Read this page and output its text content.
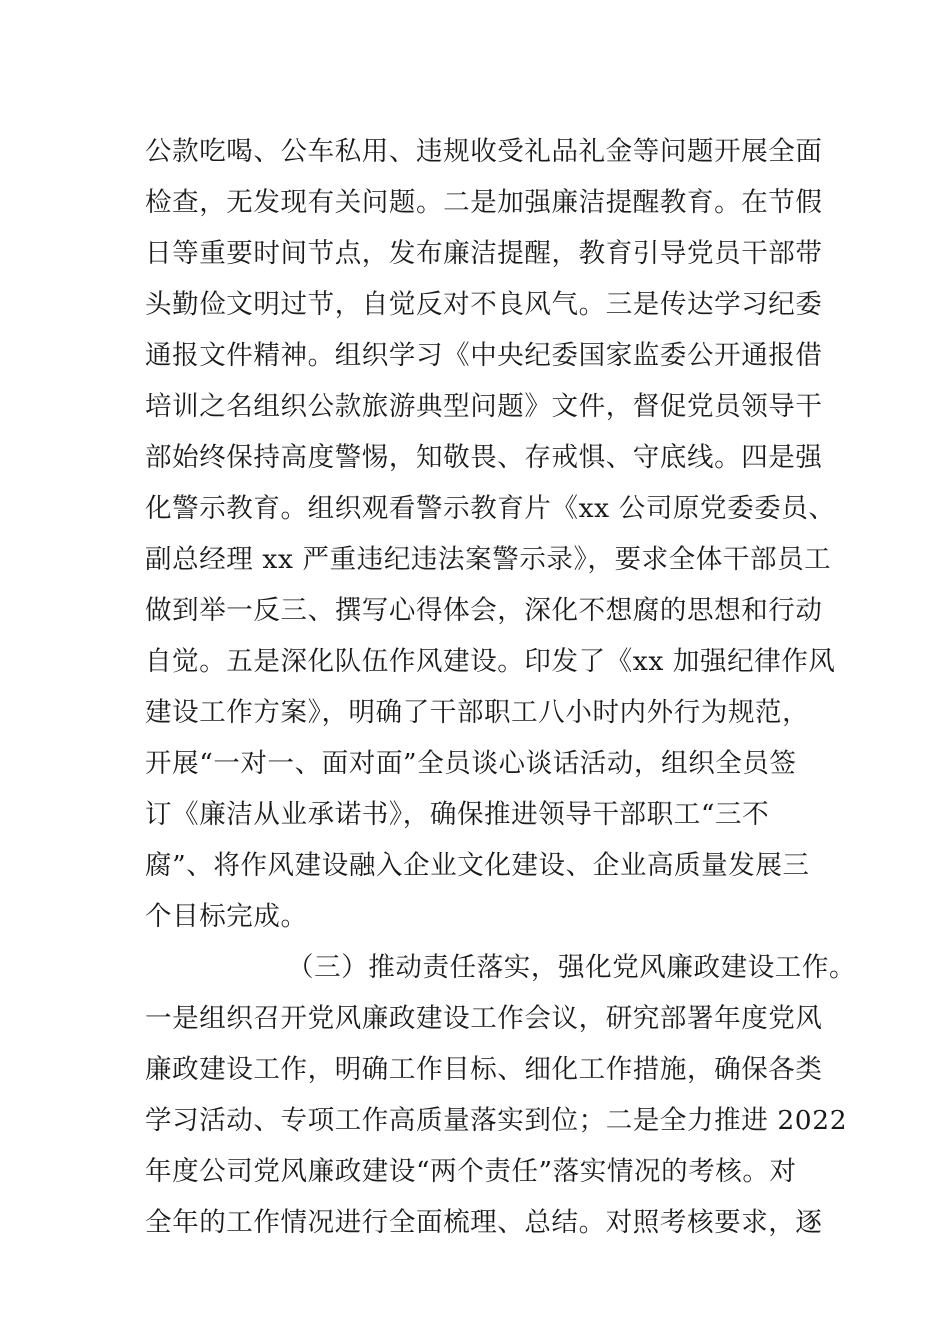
公款吃喝、公车私用、违规收受礼品礼金等问题开展全面
检查，无发现有关问题。二是加强廉洁提醒教育。在节假
日等重要时间节点，发布廉洁提醒，教育引导党员干部带
头勤俭文明过节，自觉反对不良风气。三是传达学习纪委
通报文件精神。组织学习《中央纪委国家监委公开通报借
培训之名组织公款旅游典型问题》文件，督促党员领导干
部始终保持高度警惕，知敬畏、存戒惧、守底线。四是强
化警示教育。组织观看警示教育片《xx 公司原党委委员、
副总经理 xx 严重违纪违法案警示录》，要求全体干部员工
做到举一反三、撰写心得体会，深化不想腐的思想和行动
自觉。五是深化队伍作风建设。印发了《xx 加强纪律作风
建设工作方案》，明确了干部职工八小时内外行为规范，
开展“一对一、面对面”全员谈心谈话活动，组织全员签
订《廉洁从业承诺书》，确保推进领导干部职工“三不
腐”、将作风建设融入企业文化建设、企业高质量发展三
个目标完成。
（三）推动责任落实，强化党风廉政建设工作。
一是组织召开党风廉政建设工作会议，研究部署年度党风
廉政建设工作，明确工作目标、细化工作措施，确保各类
学习活动、专项工作高质量落实到位；二是全力推进 2022
年度公司党风廉政建设“两个责任”落实情况的考核。对
全年的工作情况进行全面梳理、总结。对照考核要求，逐
